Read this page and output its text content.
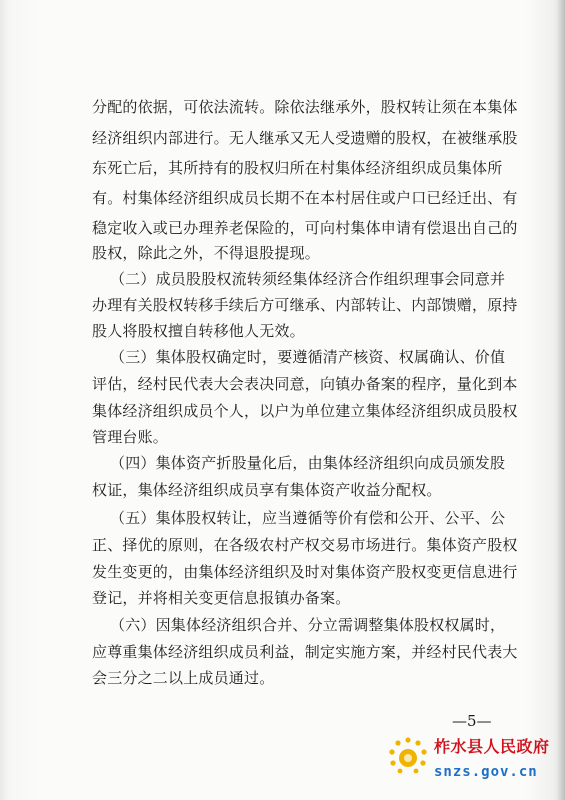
分配的依据，可依法流转。除依法继承外，股权转让须在本集体
经济组织内部进行。无人继承又无人受遗赠的股权，在被继承股
东死亡后，其所持有的股权归所在村集体经济组织成员集体所
有。村集体经济组织成员长期不在本村居住或户口已经迁出、有
稳定收入或已办理养老保险的，可向村集体申请有偿退出自己的
股权，除此之外，不得退股提现。
（二）成员股股权流转须经集体经济合作组织理事会同意并
办理有关股权转移手续后方可继承、内部转让、内部馈赠，原持
股人将股权擅自转移他人无效。
（三）集体股权确定时，要遵循清产核资、权属确认、价值
评估，经村民代表大会表决同意，向镇办备案的程序，量化到本
集体经济组织成员个人，以户为单位建立集体经济组织成员股权
管理台账。
（四）集体资产折股量化后，由集体经济组织向成员颁发股
权证，集体经济组织成员享有集体资产收益分配权。
（五）集体股权转让，应当遵循等价有偿和公开、公平、公
正、择优的原则，在各级农村产权交易市场进行。集体资产股权
发生变更的，由集体经济组织及时对集体资产股权变更信息进行
登记，并将相关变更信息报镇办备案。
（六）因集体经济组织合并、分立需调整集体股权权属时，
应尊重集体经济组织成员利益，制定实施方案，并经村民代表大
会三分之二以上成员通过。
—5—
柞水县人民政府
snzs.gov.cn
